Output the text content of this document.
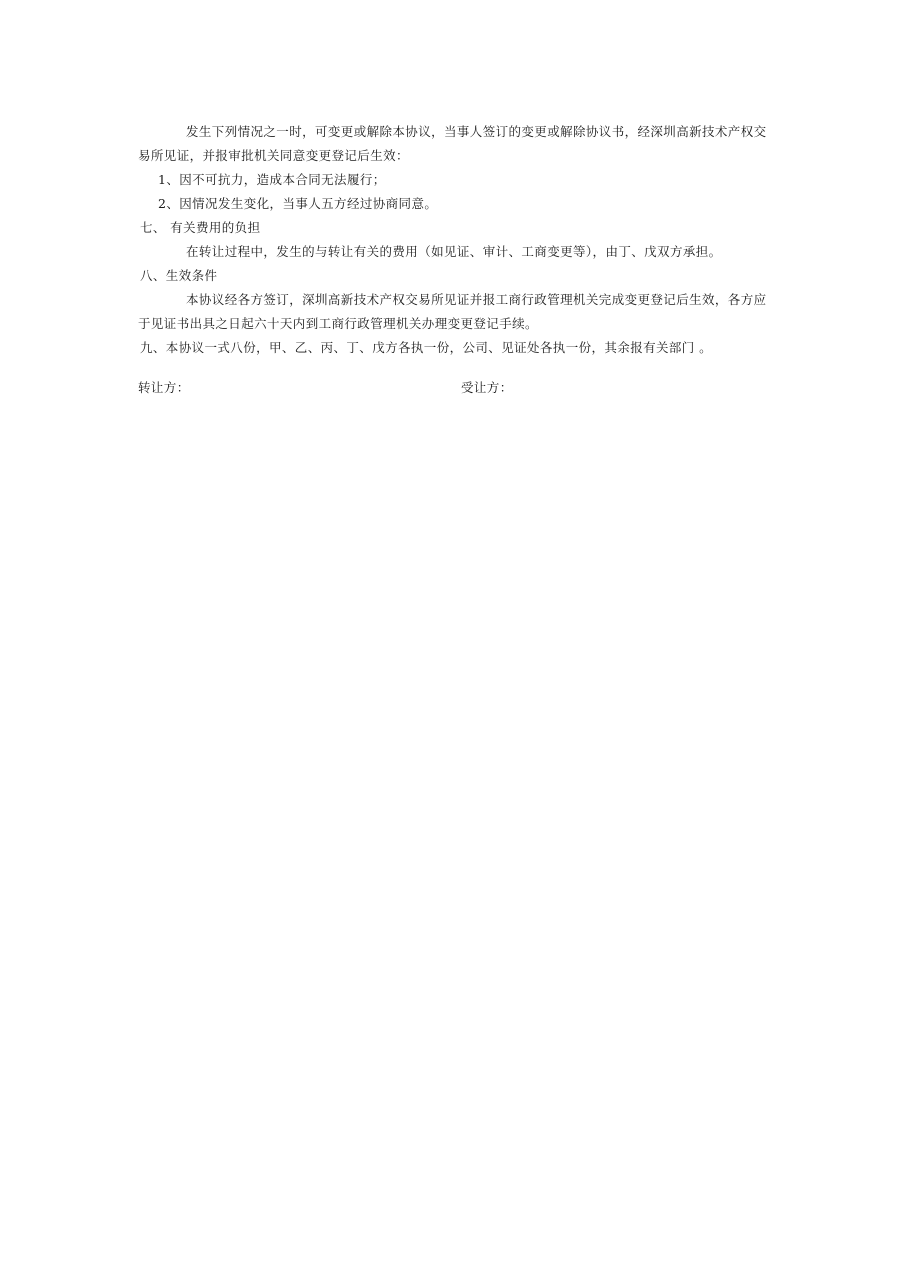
发生下列情况之一时，可变更或解除本协议，当事人签订的变更或解除协议书，经深圳高新技术产权交易所见证，并报审批机关同意变更登记后生效：

1、因不可抗力，造成本合同无法履行；

2、因情况发生变化，当事人五方经过协商同意。

七、 有关费用的负担

在转让过程中，发生的与转让有关的费用（如见证、审计、工商变更等），由丁、戊双方承担。

八、生效条件

本协议经各方签订，深圳高新技术产权交易所见证并报工商行政管理机关完成变更登记后生效，各方应于见证书出具之日起六十天内到工商行政管理机关办理变更登记手续。

九、本协议一式八份，甲、乙、丙、丁、戊方各执一份，公司、见证处各执一份，其余报有关部门 。

转让方：	受让方：
